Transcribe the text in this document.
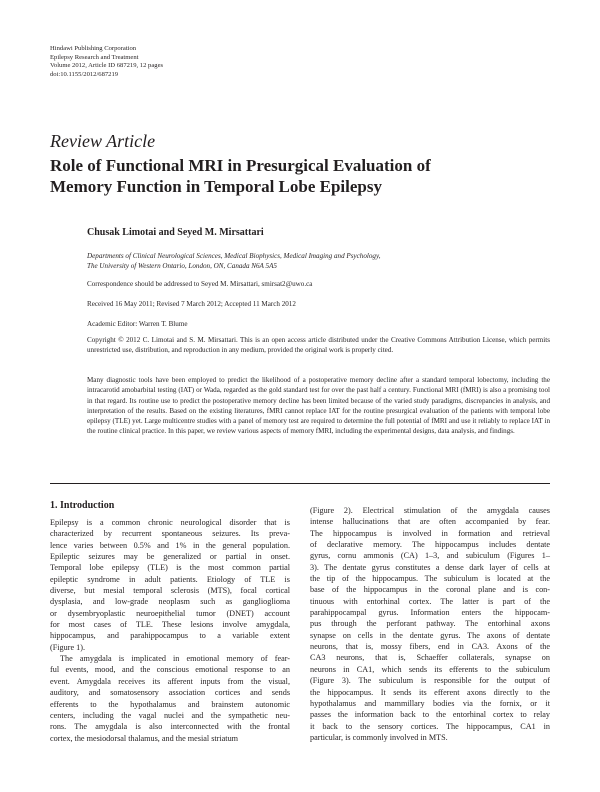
Hindawi Publishing Corporation
Epilepsy Research and Treatment
Volume 2012, Article ID 687219, 12 pages
doi:10.1155/2012/687219
Review Article
Role of Functional MRI in Presurgical Evaluation of
Memory Function in Temporal Lobe Epilepsy
Chusak Limotai and Seyed M. Mirsattari
Departments of Clinical Neurological Sciences, Medical Biophysics, Medical Imaging and Psychology,
The University of Western Ontario, London, ON, Canada N6A 5A5
Correspondence should be addressed to Seyed M. Mirsattari, smirsat2@uwo.ca
Received 16 May 2011; Revised 7 March 2012; Accepted 11 March 2012
Academic Editor: Warren T. Blume
Copyright © 2012 C. Limotai and S. M. Mirsattari. This is an open access article distributed under the Creative Commons Attribution License, which permits unrestricted use, distribution, and reproduction in any medium, provided the original work is properly cited.
Many diagnostic tools have been employed to predict the likelihood of a postoperative memory decline after a standard temporal lobectomy, including the intracarotid amobarbital testing (IAT) or Wada, regarded as the gold standard test for over the past half a century. Functional MRI (fMRI) is also a promising tool in that regard. Its routine use to predict the postoperative memory decline has been limited because of the varied study paradigms, discrepancies in analysis, and interpretation of the results. Based on the existing literatures, fMRI cannot replace IAT for the routine presurgical evaluation of the patients with temporal lobe epilepsy (TLE) yet. Large multicentre studies with a panel of memory test are required to determine the full potential of fMRI and use it reliably to replace IAT in the routine clinical practice. In this paper, we review various aspects of memory fMRI, including the experimental designs, data analysis, and findings.
1. Introduction
Epilepsy is a common chronic neurological disorder that is
characterized by recurrent spontaneous seizures. Its preva-
lence varies between 0.5% and 1% in the general population.
Epileptic seizures may be generalized or partial in onset.
Temporal lobe epilepsy (TLE) is the most common partial
epileptic syndrome in adult patients. Etiology of TLE is
diverse, but mesial temporal sclerosis (MTS), focal cortical
dysplasia, and low-grade neoplasm such as ganglioglioma
or dysembryoplastic neuroepithelial tumor (DNET) account
for most cases of TLE. These lesions involve amygdala,
hippocampus, and parahippocampus to a variable extent
(Figure 1).
The amygdala is implicated in emotional memory of fear-
ful events, mood, and the conscious emotional response to an
event. Amygdala receives its afferent inputs from the visual,
auditory, and somatosensory association cortices and sends
efferents to the hypothalamus and brainstem autonomic
centers, including the vagal nuclei and the sympathetic neu-
rons. The amygdala is also interconnected with the frontal
cortex, the mesiodorsal thalamus, and the mesial striatum
(Figure 2). Electrical stimulation of the amygdala causes
intense hallucinations that are often accompanied by fear.
The hippocampus is involved in formation and retrieval
of declarative memory. The hippocampus includes dentate
gyrus, cornu ammonis (CA) 1–3, and subiculum (Figures 1–
3). The dentate gyrus constitutes a dense dark layer of cells at
the tip of the hippocampus. The subiculum is located at the
base of the hippocampus in the coronal plane and is con-
tinuous with entorhinal cortex. The latter is part of the
parahippocampal gyrus. Information enters the hippocam-
pus through the perforant pathway. The entorhinal axons
synapse on cells in the dentate gyrus. The axons of dentate
neurons, that is, mossy fibers, end in CA3. Axons of the
CA3 neurons, that is, Schaeffer collaterals, synapse on
neurons in CA1, which sends its efferents to the subiculum
(Figure 3). The subiculum is responsible for the output of
the hippocampus. It sends its efferent axons directly to the
hypothalamus and mammillary bodies via the fornix, or it
passes the information back to the entorhinal cortex to relay
it back to the sensory cortices. The hippocampus, CA1 in
particular, is commonly involved in MTS.
